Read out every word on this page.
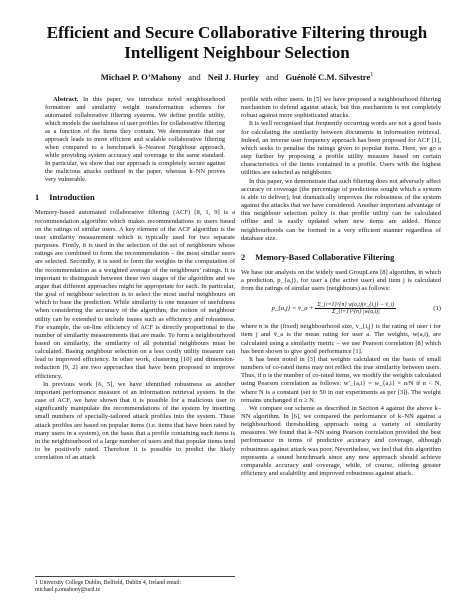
Efficient and Secure Collaborative Filtering through
Intelligent Neighbour Selection
Michael P. O’Mahony and Neil J. Hurley and Guénolé C.M. Silvestre$^1$

Abstract. In this paper, we introduce novel neighbourhood formation and similarity weight transformation schemes for automated collaborative filtering systems. We define profile utility, which models the usefulness of user profiles for collaborative filtering as a function of the items they contain. We demonstrate that our approach leads to more efficient and scalable collaborative filtering when compared to a benchmark k–Nearest Neighbour approach, while providing system accuracy and coverage to the same standard. In particular, we show that our approach is completely secure against the malicious attacks outlined in the paper, whereas k–NN proves very vulnerable.

1 Introduction

Memory-based automated collaborative filtering (ACF) [8, 1, 9] is a recommendation algorithm which makes recommendations to users based on the ratings of similar users. A key element of the ACF algorithm is the user similarity measurement which is typically used for two separate purposes. Firstly, it is used in the selection of the set of neighbours whose ratings are combined to form the recommendation – the most similar users are selected. Secondly, it is used to form the weights in the computation of the recommendation as a weighted average of the neighbours’ ratings. It is important to distinguish between these two stages of the algorithm and we argue that different approaches might be appropriate for each. In particular, the goal of neighbour selection is to select the most useful neighbours on which to base the prediction. While similarity is one measure of usefulness when considering the accuracy of the algorithm, the notion of neighbour utility can be extended to include issues such as efficiency and robustness. For example, the on-line efficiency of ACF is directly proportional to the number of similarity measurements that are made. To form a neighbourhood based on similarity, the similarity of all potential neighbours must be calculated. Basing neighbour selection on a less costly utility measure can lead to improved efficiency. In other work, clustering [10] and dimension-reduction [9, 2] are two approaches that have been proposed to improve efficiency.

In previous work [6, 5], we have identified robustness as another important performance measure of an information retrieval system. In the case of ACF, we have shown that it is possible for a malicious user to significantly manipulate the recommendations of the system by inserting small numbers of specially-tailored attack profiles into the system. These attack profiles are based on popular items (i.e. items that have been rated by many users in a system), on the basis that a profile containing such items is in the neighbourhood of a large number of users and that popular items tend to be positively rated. Therefore it is possible to predict the likely correlation of an attack

profile with other users. In [5] we have proposed a neighbourhood filtering mechanism to defend against attack, but this mechanism is not completely robust against more sophisticated attacks.

It is well recognised that frequently occurring words are not a good basis for calculating the similarity between documents in information retrieval. Indeed, an inverse user frequency approach has been proposed for ACF [1], which seeks to penalise the ratings given to popular items. Here, we go a step further by proposing a profile utility measure based on certain characteristics of the items contained in a profile. Users with the highest utilities are selected as neighbours.

In this paper, we demonstrate that such filtering does not adversely affect accuracy or coverage (the percentage of predictions sought which a system is able to deliver), but dramatically improves the robustness of the system against the attacks that we have considered. Another important advantage of this neighbour selection policy is that profile utility can be calculated offline and is easily updated when new items are added. Hence neighbourhoods can be formed in a very efficient manner regardless of database size.

2 Memory-Based Collaborative Filtering

We base our analysis on the widely used GroupLens [8] algorithm, in which a prediction, p_{a,j}, for user a (the active user) and item j is calculated from the ratings of similar users (neighbours) as follows:

p_{a,j} = v̄_a + $\frac{\Sigma\_\{i=1\}\^{}\{n\} w(a,i)(v\_\{i,j\} - v̄\_i)}{\Sigma\_\{i=1\}\^{}\{n\} |w(a,i)|}$	(1)

where n is the (fixed) neighbourhood size, v_{i,j} is the rating of user i for item j and v̄_a is the mean rating for user a. The weights, w(a,i), are calculated using a similarity metric – we use Pearson correlation [8] which has been shown to give good performance [1].

It has been noted in [3] that weights calculated on the basis of small numbers of co-rated items may not reflect the true similarity between users. Thus, if n is the number of co-rated items, we modify the weights calculated using Pearson correlation as follows: w'_{a,i} = w_{a,i} × n/N if n < N, where N is a constant (set to 50 in our experiments as per [3]). The weight remains unchanged if n ≥ N.

We compare our scheme as described in Section 4 against the above k–NN algorithm. In [6], we compared the performance of k–NN against a neighbourhood thresholding approach using a variety of similarity measures. We found that k–NN using Pearson correlation provided the best performance in terms of predictive accuracy and coverage, although robustness against attack was poor. Nevertheless, we feel that this algorithm represents a sound benchmark since any new approach should achieve comparable accuracy and coverage, while, of course, offering greater efficiency and scalability and improved robustness against attack.

1 University College Dublin, Belfield, Dublin 4, Ireland email: michael.p.omahony@ucd.ie
